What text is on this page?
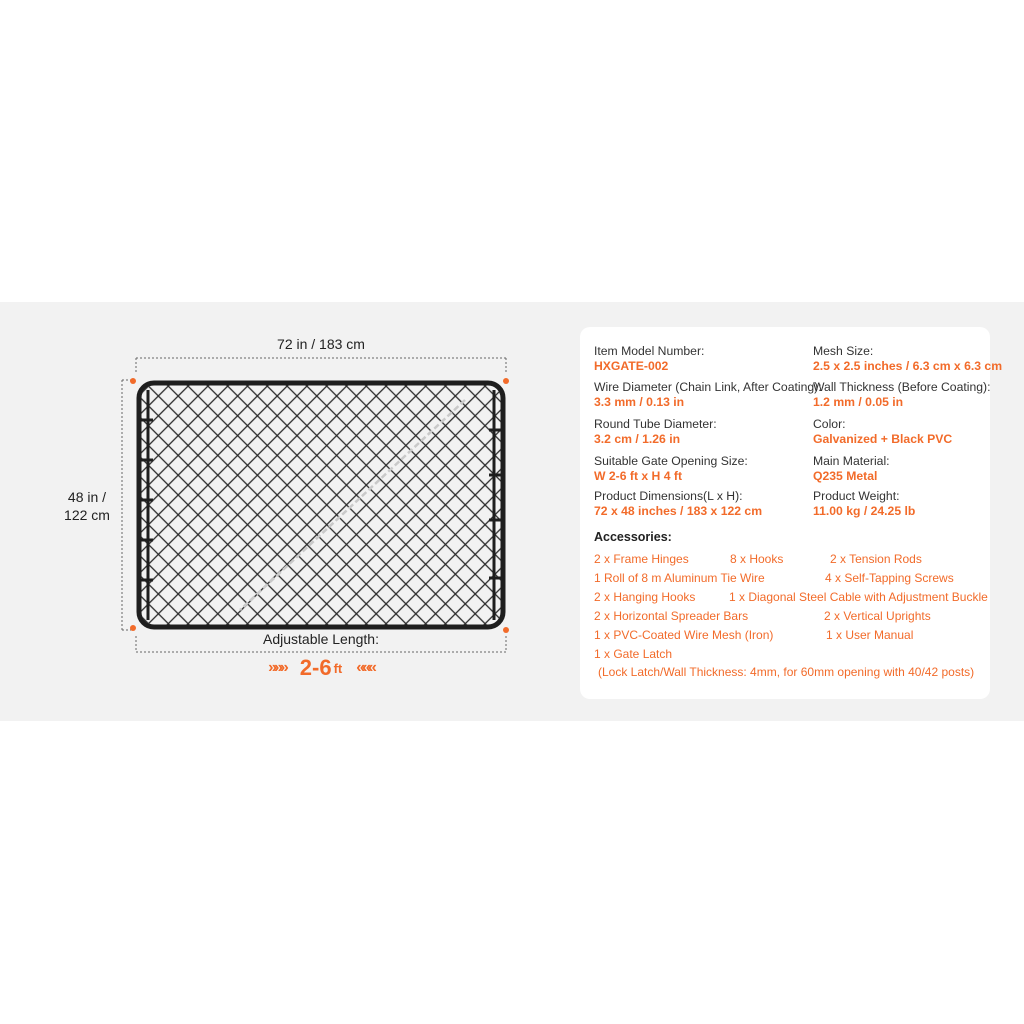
72 in / 183 cm
48 in /
122 cm
Adjustable Length:
»»» 2-6 ft «««
Item Model Number:
HXGATE-002
Mesh Size:
2.5 x 2.5 inches / 6.3 cm x 6.3 cm
Wire Diameter (Chain Link, After Coating):
3.3 mm / 0.13 in
Wall Thickness (Before Coating):
1.2 mm / 0.05 in
Round Tube Diameter:
3.2 cm / 1.26 in
Color:
Galvanized + Black PVC
Suitable Gate Opening Size:
W 2-6 ft x H 4 ft
Main Material:
Q235 Metal
Product Dimensions(L x H):
72 x 48 inches / 183 x 122 cm
Product Weight:
11.00 kg / 24.25 lb
Accessories:
2 x Frame Hinges	8 x Hooks	2 x Tension Rods
1 Roll of 8 m Aluminum Tie Wire	4 x Self-Tapping Screws
2 x Hanging Hooks	1 x Diagonal Steel Cable with Adjustment Buckle
2 x Horizontal Spreader Bars	2 x Vertical Uprights
1 x PVC-Coated Wire Mesh (Iron)	1 x User Manual
1 x Gate Latch
(Lock Latch/Wall Thickness: 4mm, for 60mm opening with 40/42 posts)
